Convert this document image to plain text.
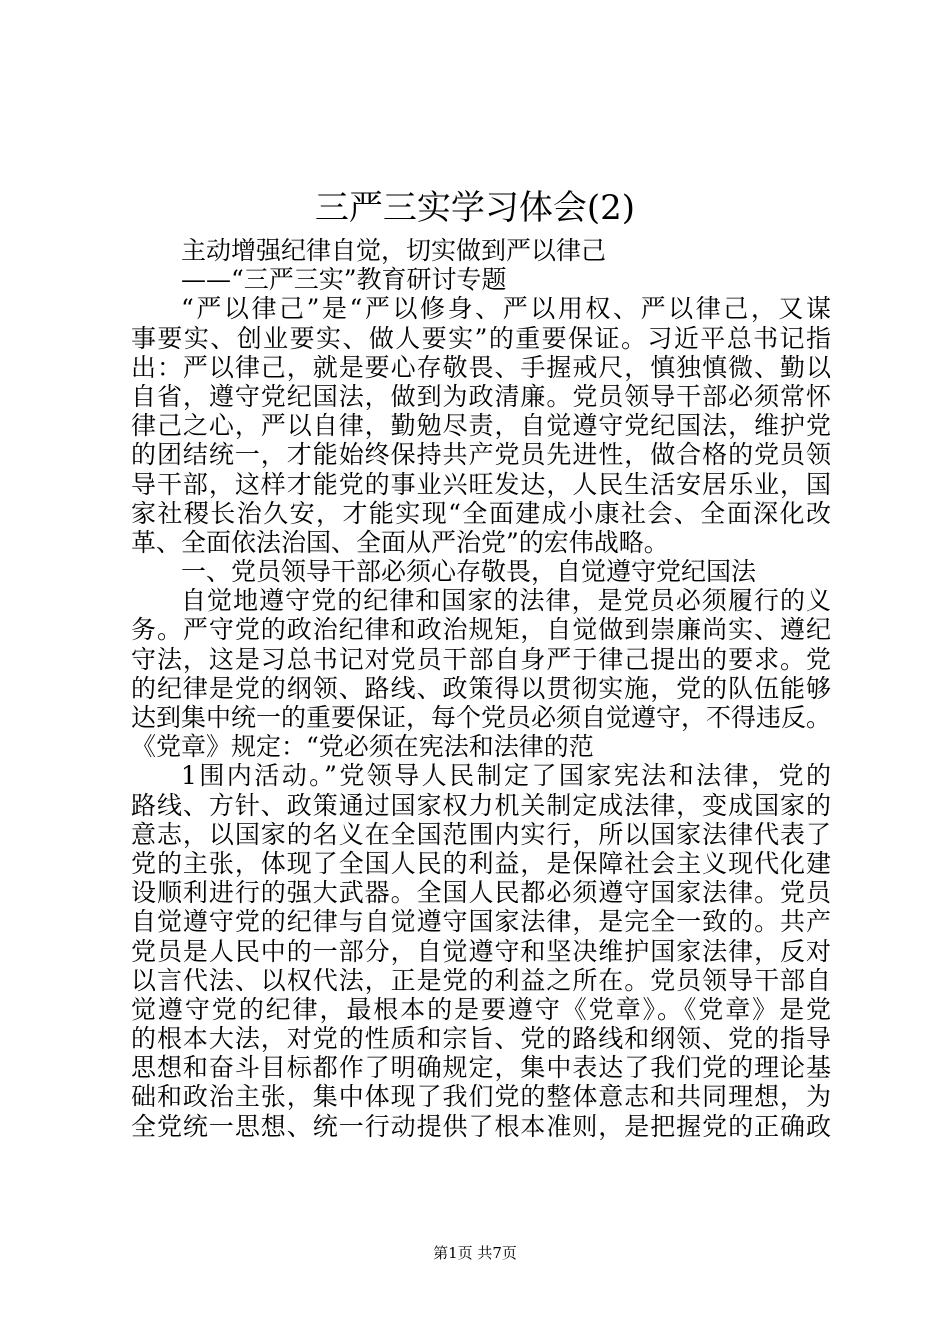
三严三实学习体会(2)

主动增强纪律自觉，切实做到严以律己

——“三严三实”教育研讨专题

“严以律己”是“严以修身、严以用权、严以律己，又谋

事要实、创业要实、做人要实”的重要保证。习近平总书记指

出：严以律己，就是要心存敬畏、手握戒尺，慎独慎微、勤以

自省，遵守党纪国法，做到为政清廉。党员领导干部必须常怀

律己之心，严以自律，勤勉尽责，自觉遵守党纪国法，维护党

的团结统一，才能始终保持共产党员先进性，做合格的党员领

导干部，这样才能党的事业兴旺发达，人民生活安居乐业，国

家社稷长治久安，才能实现“全面建成小康社会、全面深化改

革、全面依法治国、全面从严治党”的宏伟战略。

一、党员领导干部必须心存敬畏，自觉遵守党纪国法

自觉地遵守党的纪律和国家的法律，是党员必须履行的义

务。严守党的政治纪律和政治规矩，自觉做到崇廉尚实、遵纪

守法，这是习总书记对党员干部自身严于律己提出的要求。党

的纪律是党的纲领、路线、政策得以贯彻实施，党的队伍能够

达到集中统一的重要保证，每个党员必须自觉遵守，不得违反。

《党章》规定：“党必须在宪法和法律的范

1围内活动。”党领导人民制定了国家宪法和法律，党的

路线、方针、政策通过国家权力机关制定成法律，变成国家的

意志，以国家的名义在全国范围内实行，所以国家法律代表了

党的主张，体现了全国人民的利益，是保障社会主义现代化建

设顺利进行的强大武器。全国人民都必须遵守国家法律。党员

自觉遵守党的纪律与自觉遵守国家法律，是完全一致的。共产

党员是人民中的一部分，自觉遵守和坚决维护国家法律，反对

以言代法、以权代法，正是党的利益之所在。党员领导干部自

觉遵守党的纪律，最根本的是要遵守《党章》。《党章》是党

的根本大法，对党的性质和宗旨、党的路线和纲领、党的指导

思想和奋斗目标都作了明确规定，集中表达了我们党的理论基

础和政治主张，集中体现了我们党的整体意志和共同理想，为

全党统一思想、统一行动提供了根本准则，是把握党的正确政

第1页 共7页
